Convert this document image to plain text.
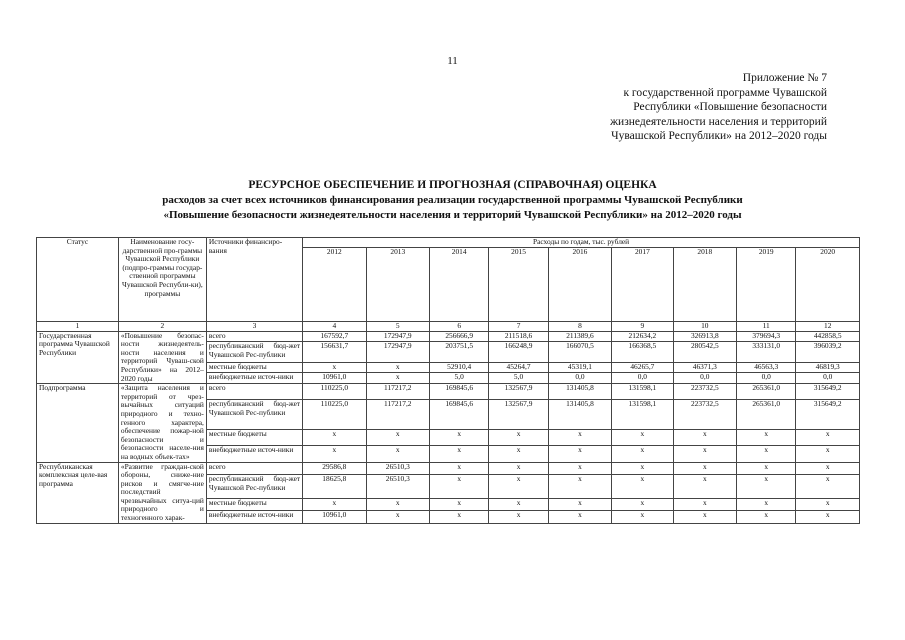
11
Приложение № 7
к государственной программе Чувашской
Республики «Повышение безопасности
жизнедеятельности населения и территорий
Чувашской Республики» на 2012–2020 годы
РЕСУРСНОЕ ОБЕСПЕЧЕНИЕ И ПРОГНОЗНАЯ (СПРАВОЧНАЯ) ОЦЕНКА
расходов за счет всех источников финансирования реализации государственной программы Чувашской Республики
«Повышение безопасности жизнедеятельности населения и территорий Чувашской Республики» на 2012–2020 годы
Статус	Наименование госу-дарственной про-граммы Чувашской Республики (подпро-граммы государ-ственной программы Чувашской Республи-ки), программы	Источники финансиро-вания	Расходы по годам, тыс. рублей								
			2012	2013	2014	2015	2016	2017	2018	2019	2020
1	2	3	4	5	6	7	8	9	10	11	12
Государственная программа Чувашской Республики	«Повышение безопас-ности жизнедеятель-ности населения и территорий Чуваш-ской Республики» на 2012–2020 годы	всего	167592,7	172947,9	256666,9	211518,6	211389,6	212634,2	326913,8	379694,3	442858,5
		республиканский бюд-жет Чувашской Рес-публики	156631,7	172947,9	203751,5	166248,9	166070,5	166368,5	280542,5	333131,0	396039,2
		местные бюджеты	x	x	52910,4	45264,7	45319,1	46265,7	46371,3	46563,3	46819,3
		внебюджетные источ-ники	10961,0	x	5,0	5,0	0,0	0,0	0,0	0,0	0,0
Подпрограмма	«Защита населения и территорий от чрез-вычайных ситуаций природного и техно-генного характера, обеспечение пожар-ной безопасности и безопасности населе-ния на водных объек-тах»	всего	110225,0	117217,2	169845,6	132567,9	131405,8	131598,1	223732,5	265361,0	315649,2
		республиканский бюд-жет Чувашской Рес-публики	110225,0	117217,2	169845,6	132567,9	131405,8	131598,1	223732,5	265361,0	315649,2
		местные бюджеты	x	x	x	x	x	x	x	x	x
		внебюджетные источ-ники	x	x	x	x	x	x	x	x	x
Республиканская комплексная целе-вая программа	«Развитие граждан-ской обороны, сниже-ние рисков и смягче-ние последствий чрезвычайных ситуа-ций природного и техногенного харак-	всего	29586,8	26510,3	x	x	x	x	x	x	x
		республиканский бюд-жет Чувашской Рес-публики	18625,8	26510,3	x	x	x	x	x	x	x
		местные бюджеты	x	x	x	x	x	x	x	x	x
		внебюджетные источ-ники	10961,0	x	x	x	x	x	x	x	x
